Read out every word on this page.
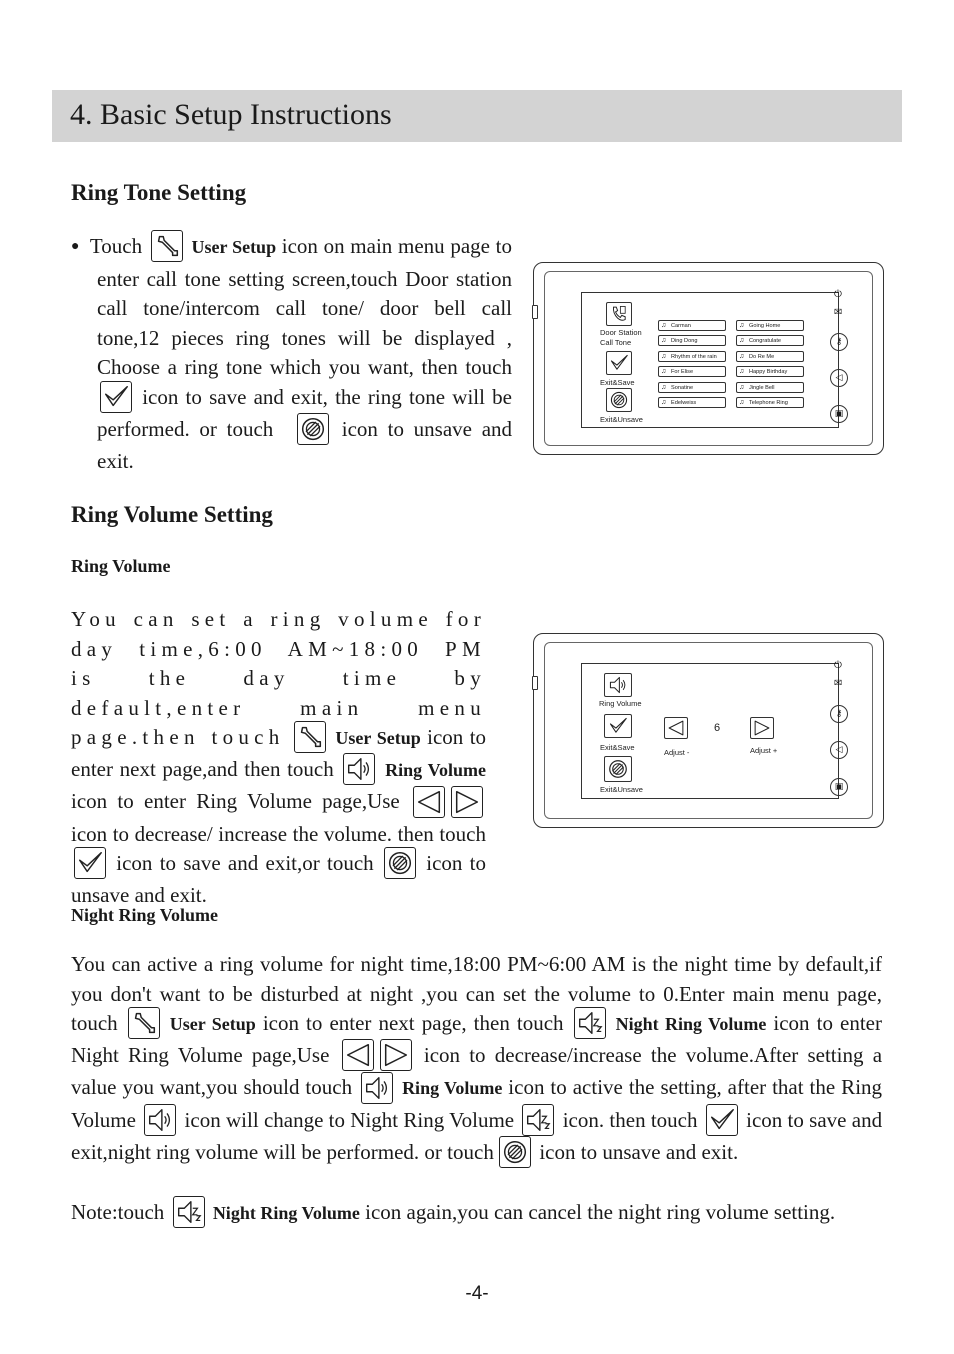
4. Basic Setup Instructions
Ring Tone Setting
● Touch	User Setup icon on main menu page to enter call tone setting screen,touch Door station call tone/intercom call tone/ door bell call tone,12 pieces ring tones will be displayed , Choose a ring tone which you want, then touch
icon to save and exit, the ring tone will be performed. or touch	icon to unsave and exit.
Door Station
Call Tone
Exit&Save
Exit&Unsave
♫ Carman	♫ Going Home
♫ Ding Dong	♫ Congratulate
♫ Rhythm of the rain	♫ Do Re Me
♫ For Elise	♫ Happy Birthday
♫ Sonatine	♫ Jingle Bell
♫ Edelweiss	♫ Telephone Ring
⏻
✉
⚷
◁
▣
Ring Volume Setting
Ring Volume
You can set a ring volume for day time,6:00 AM~18:00 PM is the day time by default,enter main menu page.then touch	User Setup icon to enter next page,and then touch	Ring Volume icon to enter Ring Volume page,Use
icon to decrease/ increase the volume. then touch
icon to save and exit,or touch	icon to unsave and exit.
Ring Volume
Exit&Save
Exit&Unsave
Adjust -
6
Adjust +
⏻
✉
⚷
◁
▣
Night Ring Volume
You can active a ring volume for night time,18:00 PM~6:00 AM is the night time by default,if you don't want to be disturbed at night ,you can set the volume to 0.Enter main menu page, touch	User Setup icon to enter next page, then touch	Night Ring Volume icon to enter Night Ring Volume page,Use	icon to decrease/increase the volume.After setting a value you want,you should touch	Ring Volume icon to active the setting, after that the Ring Volume icon will change to Night Ring Volume icon. then touch icon to save and exit,night ring volume will be performed. or touch icon to unsave and exit.
Note:touch	Night Ring Volume icon again,you can cancel the night ring volume setting.
-4-
